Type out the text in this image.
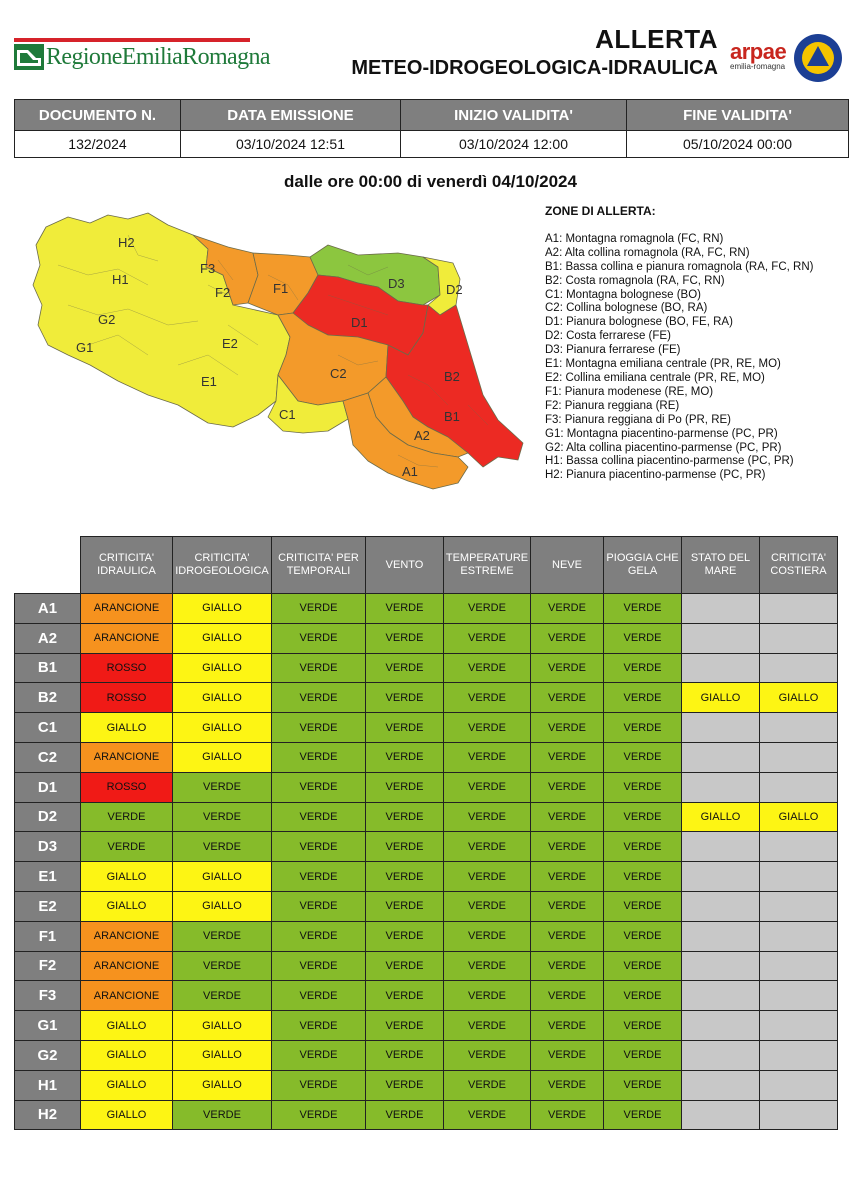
RegioneEmiliaRomagna
ALLERTA
METEO-IDROGEOLOGICA-IDRAULICA
arpae
emilia-romagna
DOCUMENTO N.	DATA EMISSIONE	INIZIO VALIDITA'	FINE VALIDITA'
132/2024	03/10/2024 12:51	03/10/2024 12:00	05/10/2024 00:00
dalle ore 00:00 di venerdì 04/10/2024
H2
H1
G2
G1
F3
F2	F1
E2
E1
D1
D2
D3
C2
C1
B2
B1
A2
A1
ZONE DI ALLERTA:
A1: Montagna romagnola (FC, RN)
A2: Alta collina romagnola (RA, FC, RN)
B1: Bassa collina e pianura romagnola (RA, FC, RN)
B2: Costa romagnola (RA, FC, RN)
C1: Montagna bolognese (BO)
C2: Collina bolognese (BO, RA)
D1: Pianura bolognese (BO, FE, RA)
D2: Costa ferrarese (FE)
D3: Pianura ferrarese (FE)
E1: Montagna emiliana centrale (PR, RE, MO)
E2: Collina emiliana centrale (PR, RE, MO)
F1: Pianura modenese (RE, MO)
F2: Pianura reggiana (RE)
F3: Pianura reggiana di Po (PR, RE)
G1: Montagna piacentino-parmense (PC, PR)
G2: Alta collina piacentino-parmense (PC, PR)
H1: Bassa collina piacentino-parmense (PC, PR)
H2: Pianura piacentino-parmense (PC, PR)
	CRITICITA' IDRAULICA	CRITICITA' IDROGEOLOGICA	CRITICITA' PER TEMPORALI	VENTO	TEMPERATURE ESTREME	NEVE	PIOGGIA CHE GELA	STATO DEL MARE	CRITICITA' COSTIERA
A1	ARANCIONE	GIALLO	VERDE	VERDE	VERDE	VERDE	VERDE		
A2	ARANCIONE	GIALLO	VERDE	VERDE	VERDE	VERDE	VERDE		
B1	ROSSO	GIALLO	VERDE	VERDE	VERDE	VERDE	VERDE		
B2	ROSSO	GIALLO	VERDE	VERDE	VERDE	VERDE	VERDE	GIALLO	GIALLO
C1	GIALLO	GIALLO	VERDE	VERDE	VERDE	VERDE	VERDE		
C2	ARANCIONE	GIALLO	VERDE	VERDE	VERDE	VERDE	VERDE		
D1	ROSSO	VERDE	VERDE	VERDE	VERDE	VERDE	VERDE		
D2	VERDE	VERDE	VERDE	VERDE	VERDE	VERDE	VERDE	GIALLO	GIALLO
D3	VERDE	VERDE	VERDE	VERDE	VERDE	VERDE	VERDE		
E1	GIALLO	GIALLO	VERDE	VERDE	VERDE	VERDE	VERDE		
E2	GIALLO	GIALLO	VERDE	VERDE	VERDE	VERDE	VERDE		
F1	ARANCIONE	VERDE	VERDE	VERDE	VERDE	VERDE	VERDE		
F2	ARANCIONE	VERDE	VERDE	VERDE	VERDE	VERDE	VERDE		
F3	ARANCIONE	VERDE	VERDE	VERDE	VERDE	VERDE	VERDE		
G1	GIALLO	GIALLO	VERDE	VERDE	VERDE	VERDE	VERDE		
G2	GIALLO	GIALLO	VERDE	VERDE	VERDE	VERDE	VERDE		
H1	GIALLO	GIALLO	VERDE	VERDE	VERDE	VERDE	VERDE		
H2	GIALLO	VERDE	VERDE	VERDE	VERDE	VERDE	VERDE		
